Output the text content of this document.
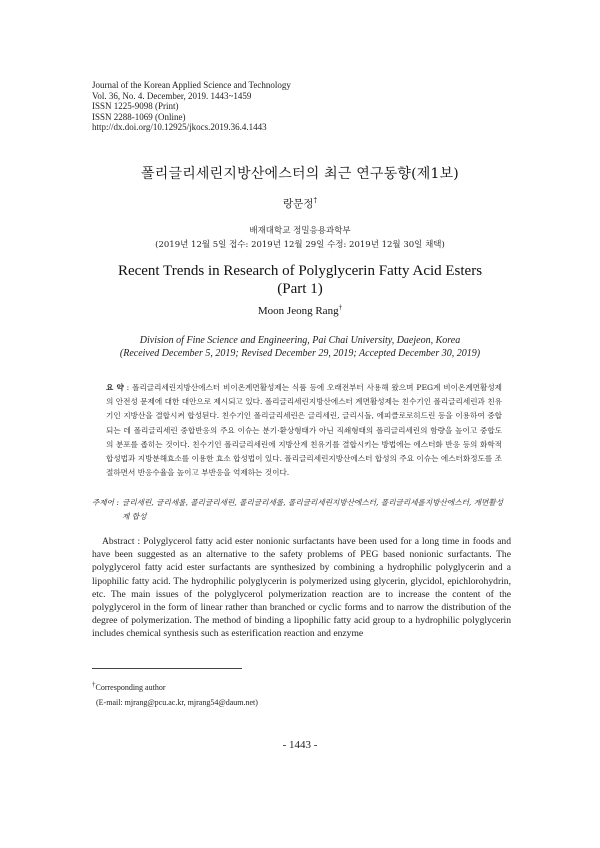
Journal of the Korean Applied Science and Technology
Vol. 36, No. 4. December, 2019. 1443~1459
ISSN 1225-9098 (Print)
ISSN 2288-1069 (Online)
http://dx.doi.org/10.12925/jkocs.2019.36.4.1443
폴리글리세린지방산에스터의 최근 연구동향(제1보)
랑문정†
배재대학교 정밀응용과학부
(2019년 12월 5일 접수: 2019년 12월 29일 수정: 2019년 12월 30일 채택)
Recent Trends in Research of Polyglycerin Fatty Acid Esters
(Part 1)
Moon Jeong Rang†
Division of Fine Science and Engineering, Pai Chai University, Daejeon, Korea
(Received December 5, 2019; Revised December 29, 2019; Accepted December 30, 2019)
요 약 : 폴리글리세린지방산에스터 비이온계면활성제는 식품 등에 오래전부터 사용해 왔으며 PEG계 비이온계면활성제의 안전성 문제에 대한 대안으로 제시되고 있다. 폴리글리세린지방산에스터 계면활성제는 친수기인 폴리글리세린과 친유기인 지방산을 결합시켜 합성된다. 친수기인 폴리글리세린은 글리세린, 글리시돌, 에피클로로히드린 등을 이용하여 중합되는 데 폴리글리세린 중합반응의 주요 이슈는 분기·환상형태가 아닌 직쇄형태의 폴리글리세린의 함량을 높이고 중합도의 분포를 좁히는 것이다. 친수기인 폴리글리세린에 지방산계 친유기를 결합시키는 방법에는 에스터화 반응 등의 화학적 합성법과 지방분해효소를 이용한 효소 합성법이 있다. 폴리글리세린지방산에스터 합성의 주요 이슈는 에스터화정도를 조절하면서 반응수율을 높이고 부반응을 억제하는 것이다.
주제어 : 글리세린, 글리세롤, 폴리글리세린, 폴리글리세롤, 폴리글리세린지방산에스터, 폴리글리세롤지방산에스터, 계면활성제 합성
Abstract : Polyglycerol fatty acid ester nonionic surfactants have been used for a long time in foods and have been suggested as an alternative to the safety problems of PEG based nonionic surfactants. The polyglycerol fatty acid ester surfactants are synthesized by combining a hydrophilic polyglycerin and a lipophilic fatty acid. The hydrophilic polyglycerin is polymerized using glycerin, glycidol, epichlorohydrin, etc. The main issues of the polyglycerol polymerization reaction are to increase the content of the polyglycerol in the form of linear rather than branched or cyclic forms and to narrow the distribution of the degree of polymerization. The method of binding a lipophilic fatty acid group to a hydrophilic polyglycerin includes chemical synthesis such as esterification reaction and enzyme
†Corresponding author
(E-mail: mjrang@pcu.ac.kr, mjrang54@daum.net)
- 1443 -
